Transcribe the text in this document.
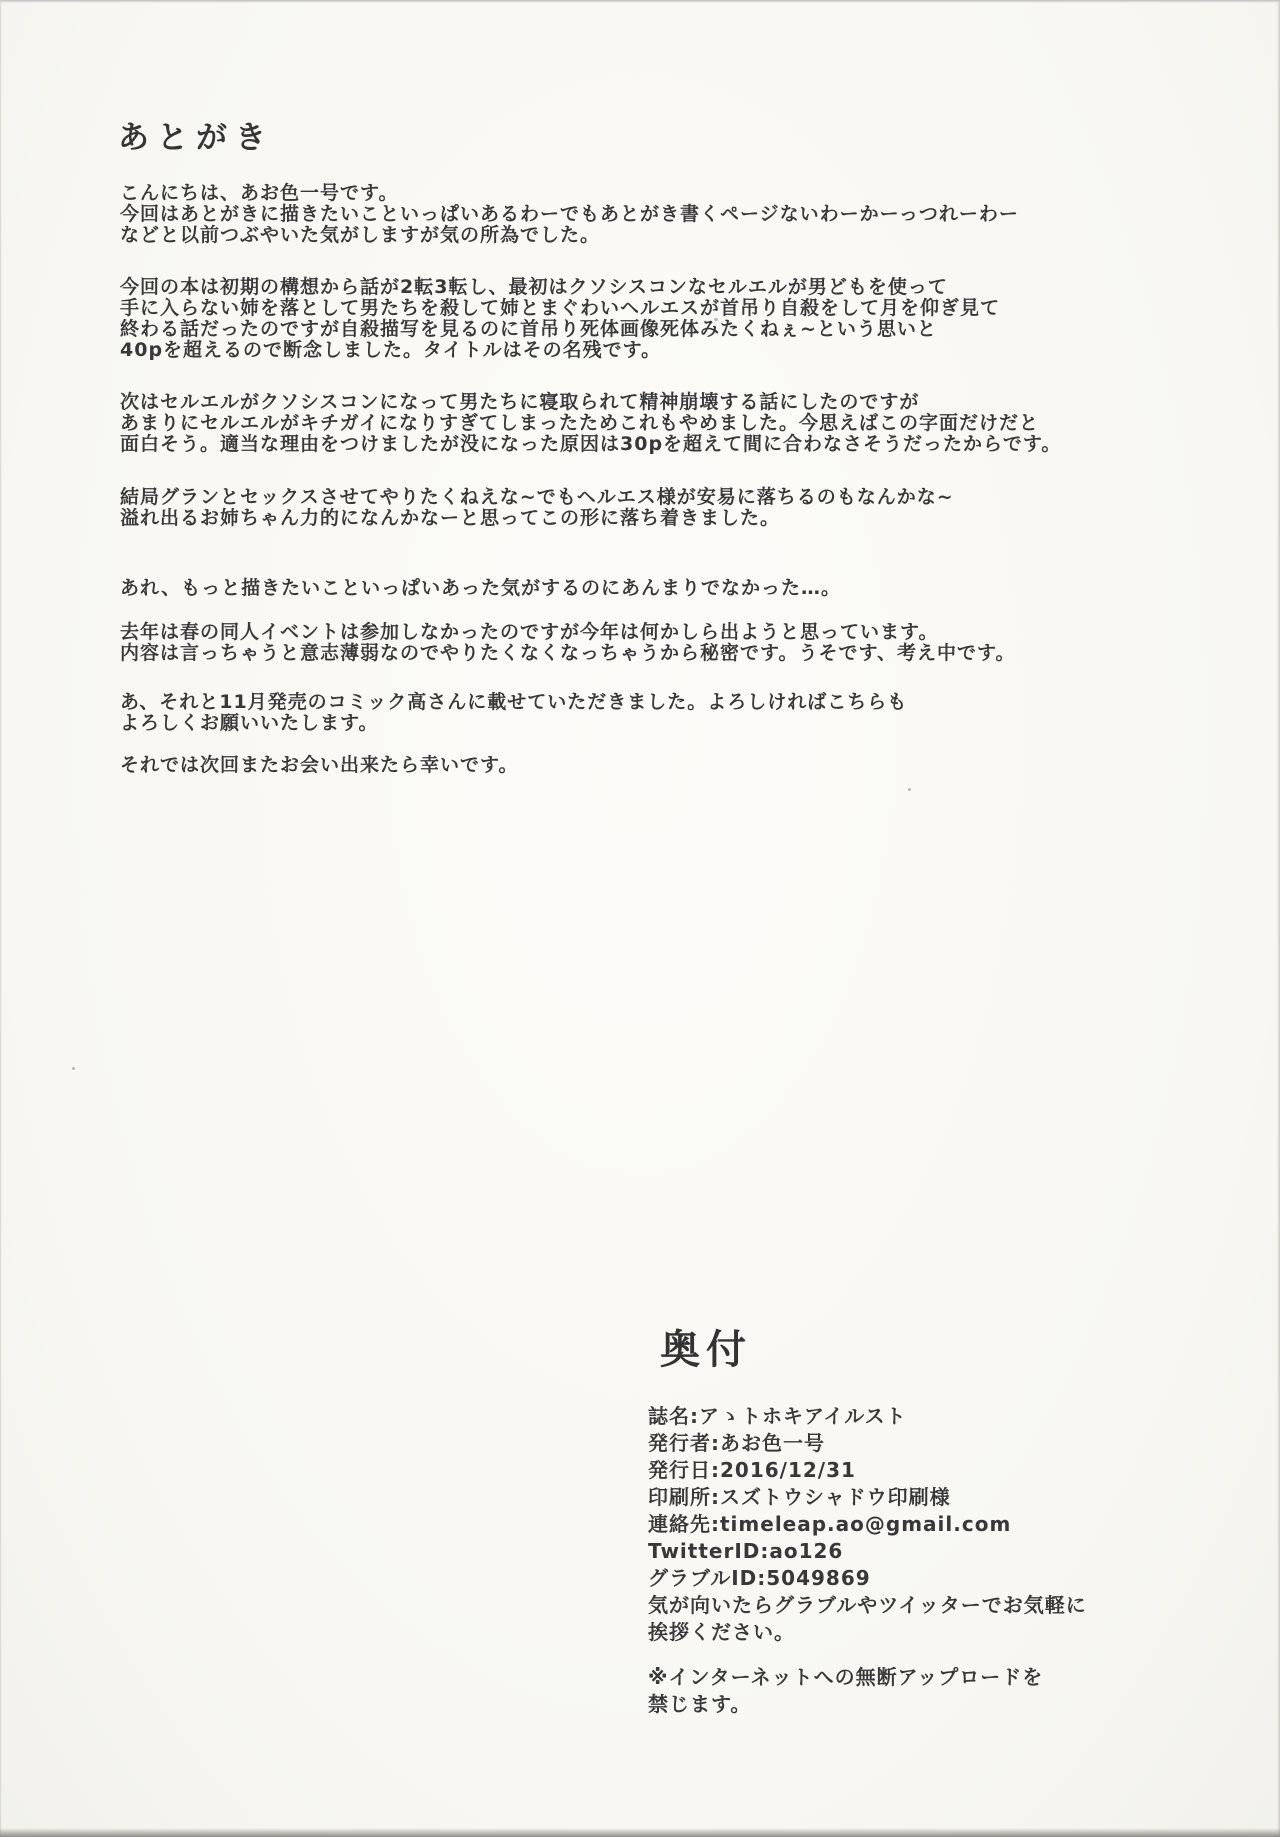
あとがき
こんにちは、あお色一号です。
今回はあとがきに描きたいこといっぱいあるわーでもあとがき書くページないわーかーっつれーわー
などと以前つぶやいた気がしますが気の所為でした。
今回の本は初期の構想から話が2転3転し、最初はクソシスコンなセルエルが男どもを使って
手に入らない姉を落として男たちを殺して姉とまぐわいヘルエスが首吊り自殺をして月を仰ぎ見て
終わる話だったのですが自殺描写を見るのに首吊り死体画像死体みたくねぇ~という思いと
40pを超えるので断念しました。タイトルはその名残です。
次はセルエルがクソシスコンになって男たちに寝取られて精神崩壊する話にしたのですが
あまりにセルエルがキチガイになりすぎてしまったためこれもやめました。今思えばこの字面だけだと
面白そう。適当な理由をつけましたが没になった原因は30pを超えて間に合わなさそうだったからです。
結局グランとセックスさせてやりたくねえな~でもヘルエス様が安易に落ちるのもなんかな~
溢れ出るお姉ちゃん力的になんかなーと思ってこの形に落ち着きました。
あれ、もっと描きたいこといっぱいあった気がするのにあんまりでなかった…。
去年は春の同人イベントは参加しなかったのですが今年は何かしら出ようと思っています。
内容は言っちゃうと意志薄弱なのでやりたくなくなっちゃうから秘密です。うそです、考え中です。
あ、それと11月発売のコミック高さんに載せていただきました。よろしければこちらも
よろしくお願いいたします。
それでは次回またお会い出来たら幸いです。
奥付
誌名:アゝトホキアイルスト
発行者:あお色一号
発行日:2016/12/31
印刷所:スズトウシャドウ印刷様
連絡先:timeleap.ao@gmail.com
TwitterID:ao126
グラブルID:5049869
気が向いたらグラブルやツイッターでお気軽に
挨拶ください。
※インターネットへの無断アップロードを
禁じます。
